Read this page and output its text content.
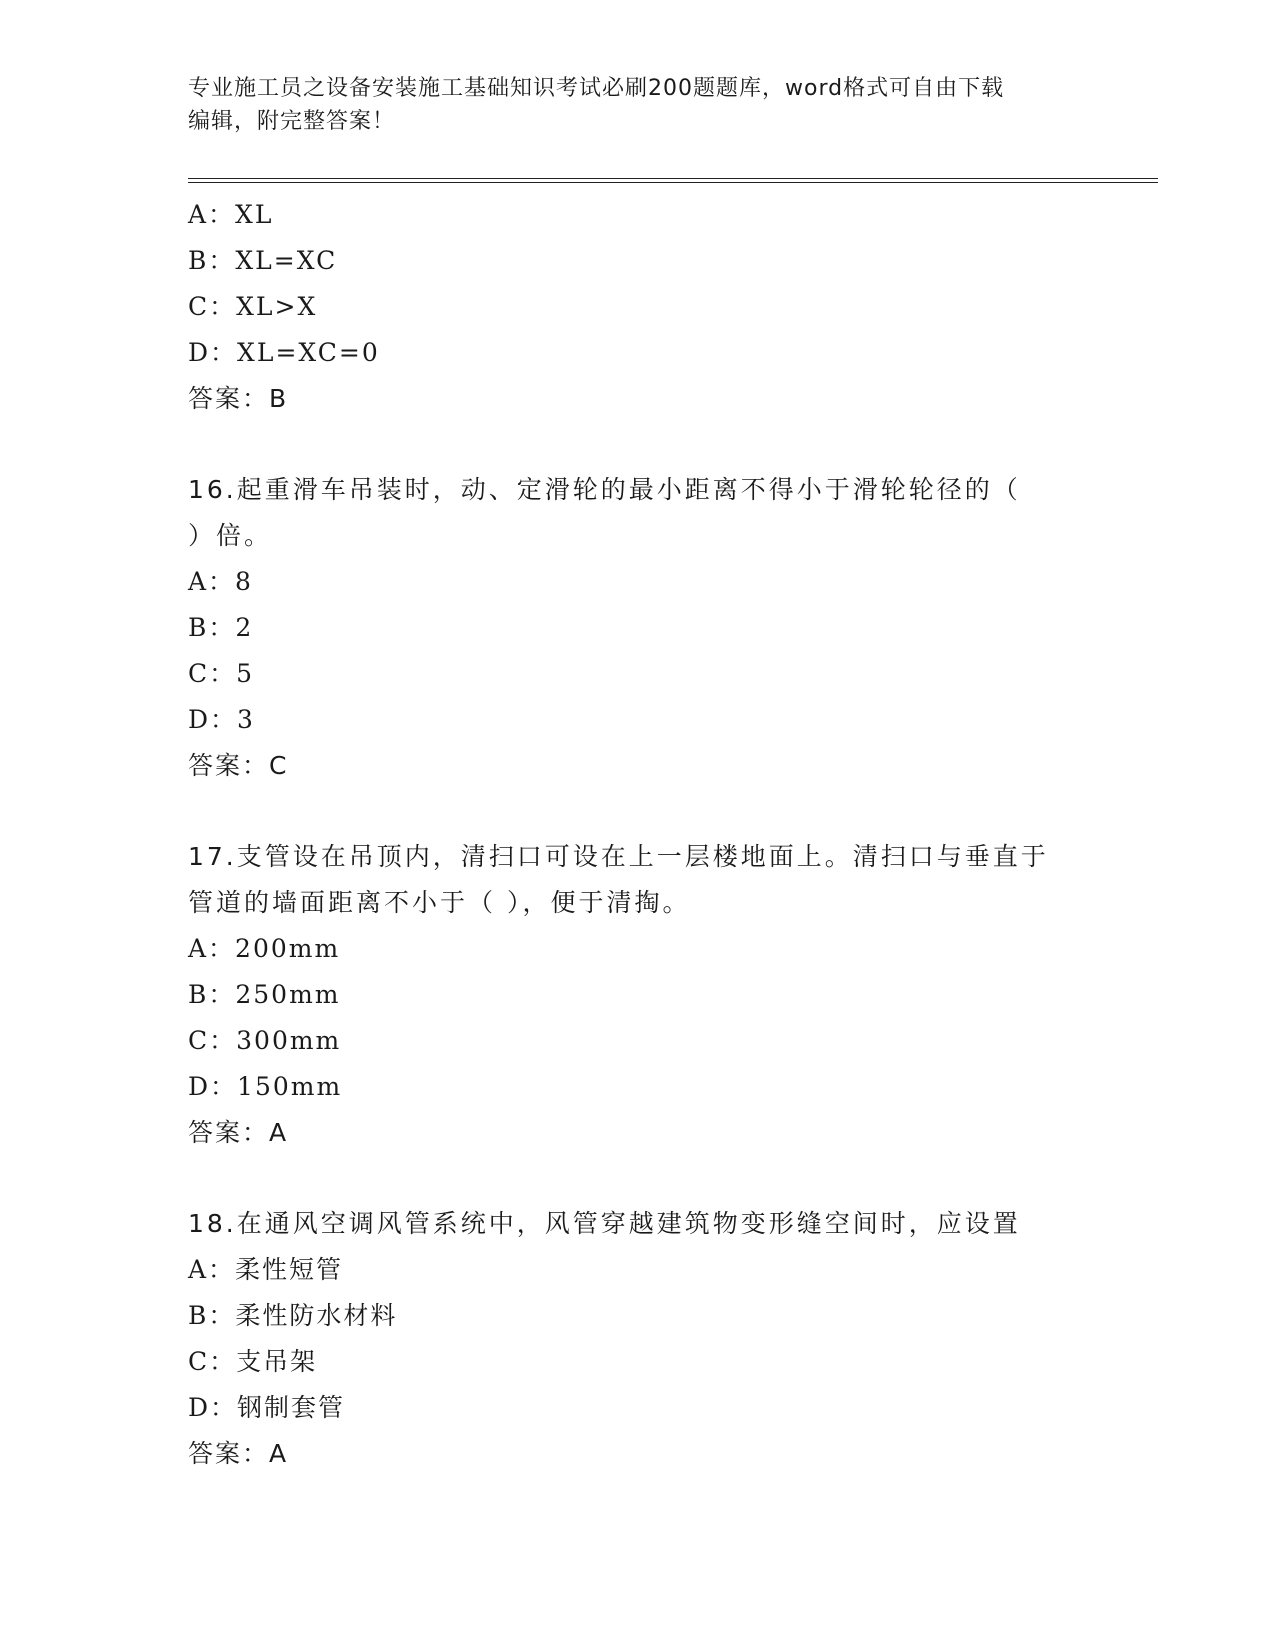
专业施工员之设备安装施工基础知识考试必刷200题题库，word格式可自由下载
编辑，附完整答案！
A：XL
B：XL=XC
C：XL>X
D：XL=XC=0
答案：B
16.起重滑车吊装时，动、定滑轮的最小距离不得小于滑轮轮径的（
）倍。
A：8
B：2
C：5
D：3
答案：C
17.支管设在吊顶内，清扫口可设在上一层楼地面上。清扫口与垂直于
管道的墙面距离不小于（ ），便于清掏。
A：200mm
B：250mm
C：300mm
D：150mm
答案：A
18.在通风空调风管系统中，风管穿越建筑物变形缝空间时，应设置
A：柔性短管
B：柔性防水材料
C：支吊架
D：钢制套管
答案：A
